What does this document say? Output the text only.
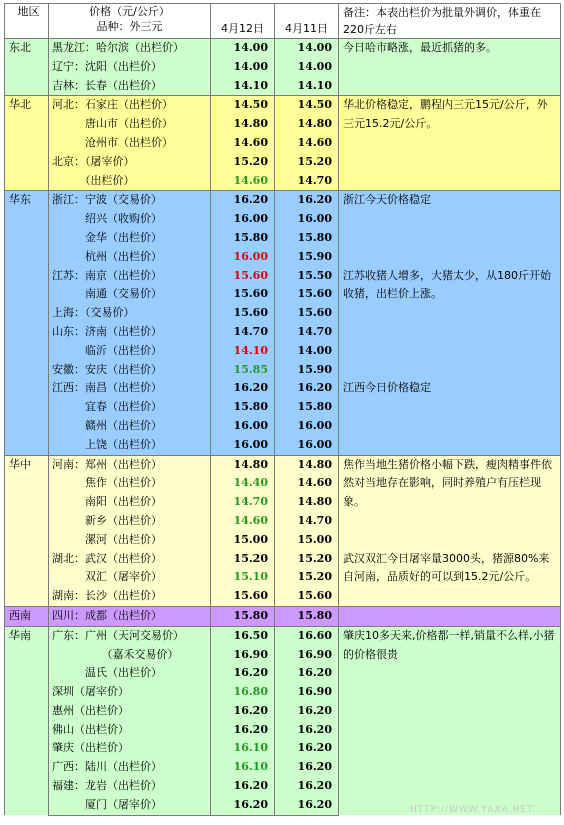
地区	价格（元/公斤）
品种：外三元	4月12日	4月11日	备注：本表出栏价为批量外调价，体重在220斤左右
东北	黑龙江：哈尔滨（出栏价）	14.00	14.00	今日哈市略涨，最近抓猪的多。
	辽宁：沈阳（出栏价）	14.00	14.00	
	吉林：长春（出栏价）	14.10	14.10	
华北	河北：石家庄（出栏价）	14.50	14.50	华北价格稳定，鹏程内三元15元/公斤，外三元15.2元/公斤。
	　　　唐山市（出栏价）	14.80	14.80	
	　　　沧州市（出栏价）	14.60	14.60	
	北京：（屠宰价）	15.20	15.20	
	　　　（出栏价）	14.60	14.70	
华东	浙江：宁波（交易价）	16.20	16.20	浙江今天价格稳定
	　　　绍兴（收购价）	16.00	16.00	
	　　　金华（出栏价）	15.80	15.80	
	　　　杭州（出栏价）	16.00	15.90	
	江苏：南京（出栏价）	15.60	15.50	江苏收猪人增多，大猪太少，从180斤开始收猪，出栏价上涨。
	　　　南通（交易价）	15.60	15.60	
	上海：（交易价）	15.60	15.60	
	山东：济南（出栏价）	14.70	14.70	
	　　　临沂（出栏价）	14.10	14.00	
	安徽：安庆（出栏价）	15.85	15.90	
	江西：南昌（出栏价）	16.20	16.20	江西今日价格稳定
	　　　宜春（出栏价）	15.80	15.80	
	　　　赣州（出栏价）	16.00	16.00	
	　　　上饶（出栏价）	16.00	16.00	
华中	河南：郑州（出栏价）	14.80	14.80	焦作当地生猪价格小幅下跌，瘦肉精事件依然对当地存在影响，同时养殖户有压栏现象。
	　　　焦作（出栏价）	14.40	14.60	
	　　　南阳（出栏价）	14.70	14.80	
	　　　新乡（出栏价）	14.60	14.70	
	　　　漯河（出栏价）	15.00	15.00	
	湖北：武汉（出栏价）	15.20	15.20	武汉双汇今日屠宰量3000头，猪源80%来自河南，品质好的可以到15.2元/公斤。
	　　　双汇（屠宰价）	15.10	15.20	
	湖南：长沙（出栏价）	15.60	15.60	
西南	四川：成都（出栏价）	15.80	15.80	
华南	广东：广州（天河交易价）	16.50	16.60	肇庆10多天来,价格都一样,销量不么样,小猪的价格很贵
	　　　　　（嘉禾交易价）	16.90	16.90	
	　　　温氏（出栏价）	16.20	16.20	
	深圳（屠宰价）	16.80	16.90	
	惠州（出栏价）	16.20	16.20	
	佛山（出栏价）	16.20	16.20	
	肇庆（出栏价）	16.10	16.20	
	广西：陆川（出栏价）	16.10	16.20	
	福建：龙岩（出栏价）	16.20	16.20	
	　　　厦门（屠宰价）	16.20	16.20		HTTP://WWW.YAXA.NET
